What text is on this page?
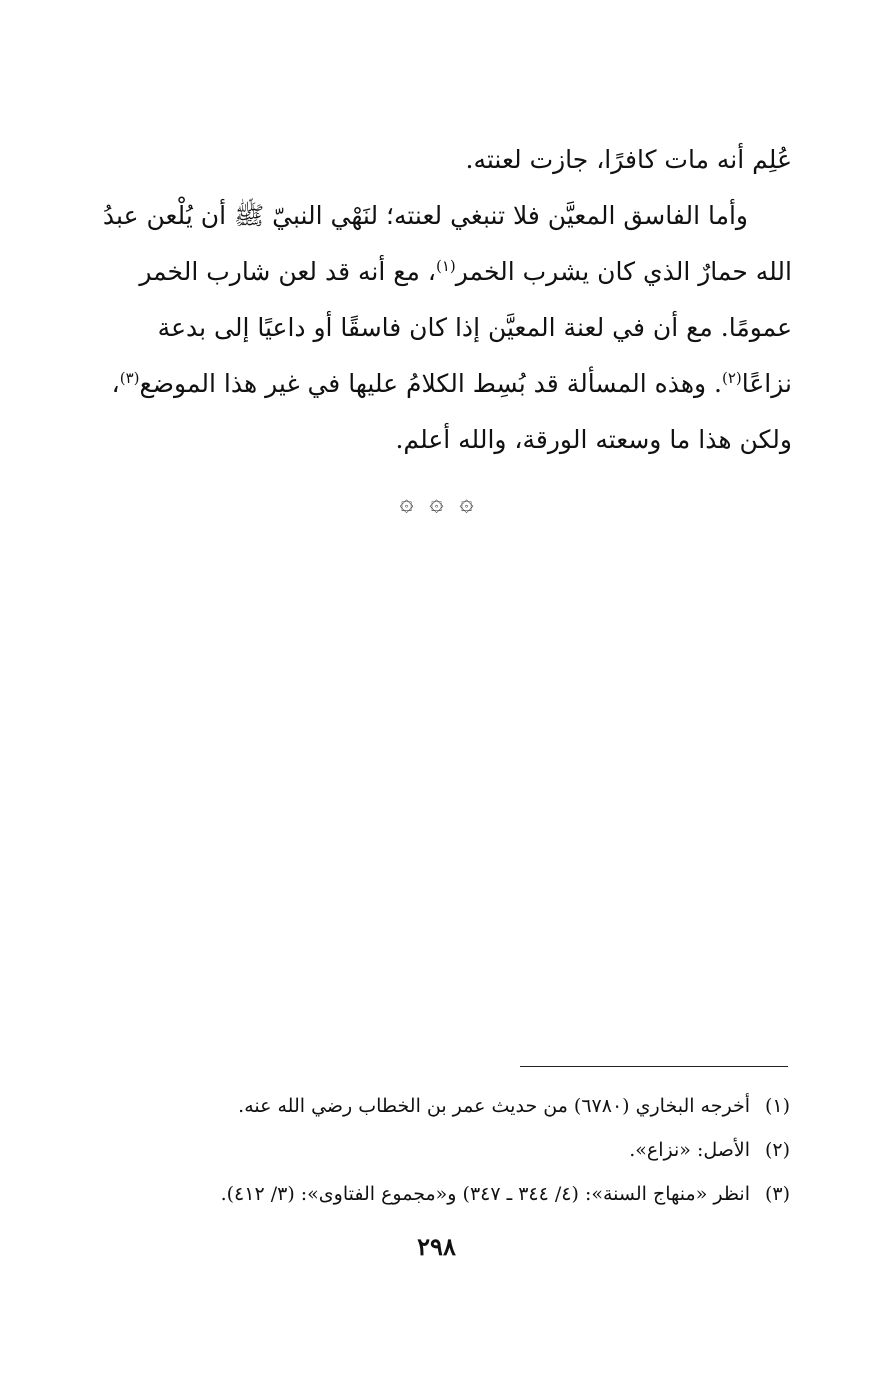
عُلِم أنه مات كافرًا، جازت لعنته.

وأما الفاسق المعيَّن فلا تنبغي لعنته؛ لنَهْي النبيّ ﷺ أن يُلْعن عبدُ الله حمارٌ الذي كان يشرب الخمر$^{(١)}$، مع أنه قد لعن شارب الخمر عمومًا. مع أن في لعنة المعيَّن إذا كان فاسقًا أو داعيًا إلى بدعة نزاعًا$^{(٢)}$. وهذه المسألة قد بُسِط الكلامُ عليها في غير هذا الموضع$^{(٣)}$، ولكن هذا ما وسعته الورقة، والله أعلم.

۞ ۞ ۞
(١)أخرجه البخاري (٦٧٨٠) من حديث عمر بن الخطاب رضي الله عنه.
(٢)الأصل: «نزاع».
(٣)انظر «منهاج السنة»: (٤/ ٣٤٤ ـ ٣٤٧) و«مجموع الفتاوى»: (٣/ ٤١٢).
٢٩٨
